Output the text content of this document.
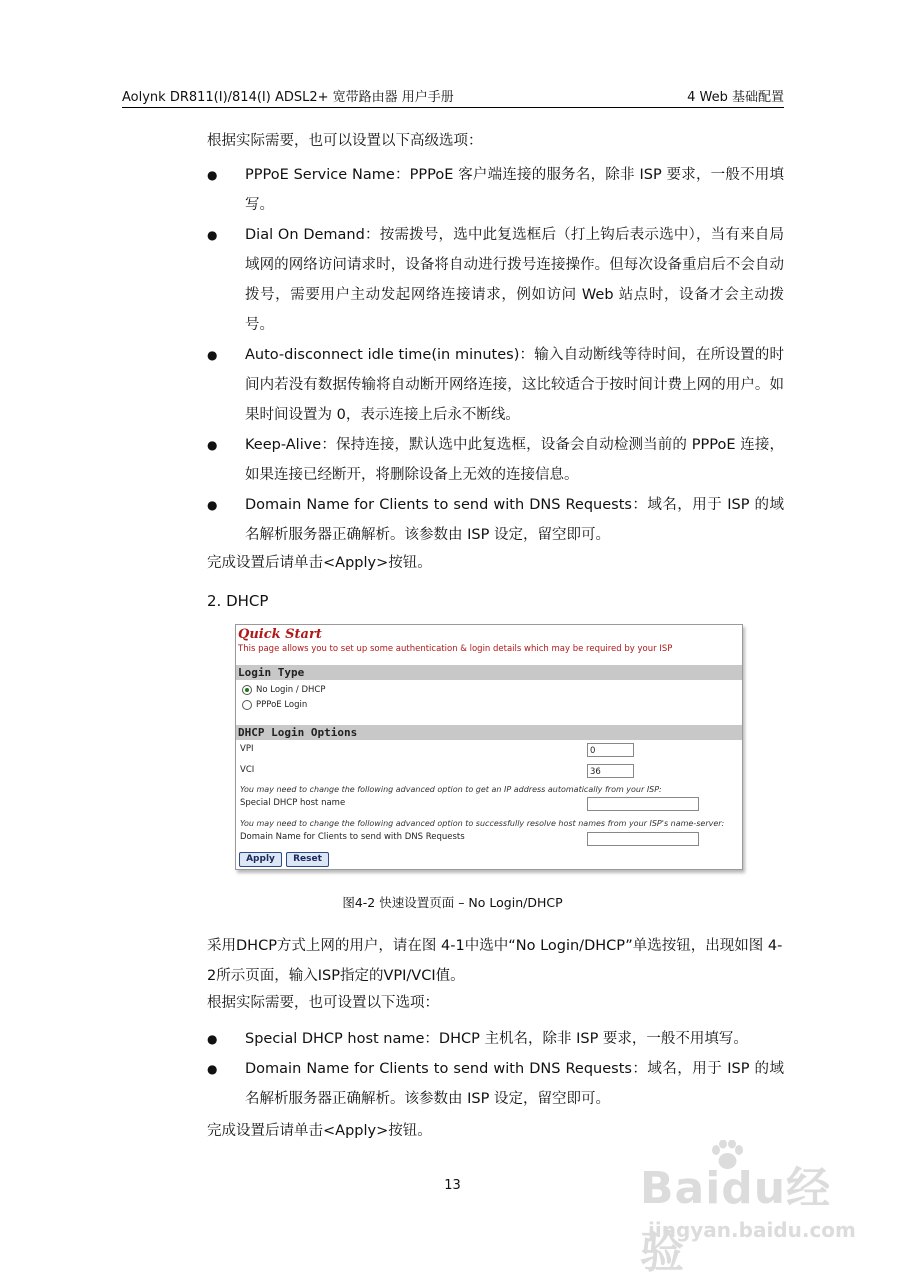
Aolynk DR811(I)/814(I) ADSL2+ 宽带路由器 用户手册	4 Web 基础配置
根据实际需要，也可以设置以下高级选项：
● PPPoE Service Name：PPPoE 客户端连接的服务名，除非 ISP 要求，一般不用填写。
● Dial On Demand：按需拨号，选中此复选框后（打上钩后表示选中），当有来自局域网的网络访问请求时，设备将自动进行拨号连接操作。但每次设备重启后不会自动拨号，需要用户主动发起网络连接请求，例如访问 Web 站点时，设备才会主动拨号。
● Auto-disconnect idle time(in minutes)：输入自动断线等待时间，在所设置的时间内若没有数据传输将自动断开网络连接，这比较适合于按时间计费上网的用户。如果时间设置为 0，表示连接上后永不断线。
● Keep-Alive：保持连接，默认选中此复选框，设备会自动检测当前的 PPPoE 连接，如果连接已经断开，将删除设备上无效的连接信息。
● Domain Name for Clients to send with DNS Requests：域名，用于 ISP 的域名解析服务器正确解析。该参数由 ISP 设定，留空即可。
完成设置后请单击<Apply>按钮。
2. DHCP
Quick Start
This page allows you to set up some authentication & login details which may be required by your ISP
Login Type
No Login / DHCP
PPPoE Login
DHCP Login Options
VPI	0
VCI	36
You may need to change the following advanced option to get an IP address automatically from your ISP:
Special DHCP host name
You may need to change the following advanced option to successfully resolve host names from your ISP's name-server:
Domain Name for Clients to send with DNS Requests
Apply	Reset
图4-2 快速设置页面 – No Login/DHCP
采用DHCP方式上网的用户，请在图 4-1中选中“No Login/DHCP”单选按钮，出现如图 4-2所示页面，输入ISP指定的VPI/VCI值。
根据实际需要，也可设置以下选项：
● Special DHCP host name：DHCP 主机名，除非 ISP 要求，一般不用填写。
● Domain Name for Clients to send with DNS Requests：域名，用于 ISP 的域名解析服务器正确解析。该参数由 ISP 设定，留空即可。
完成设置后请单击<Apply>按钮。
13	Baidu经验
jingyan.baidu.com
